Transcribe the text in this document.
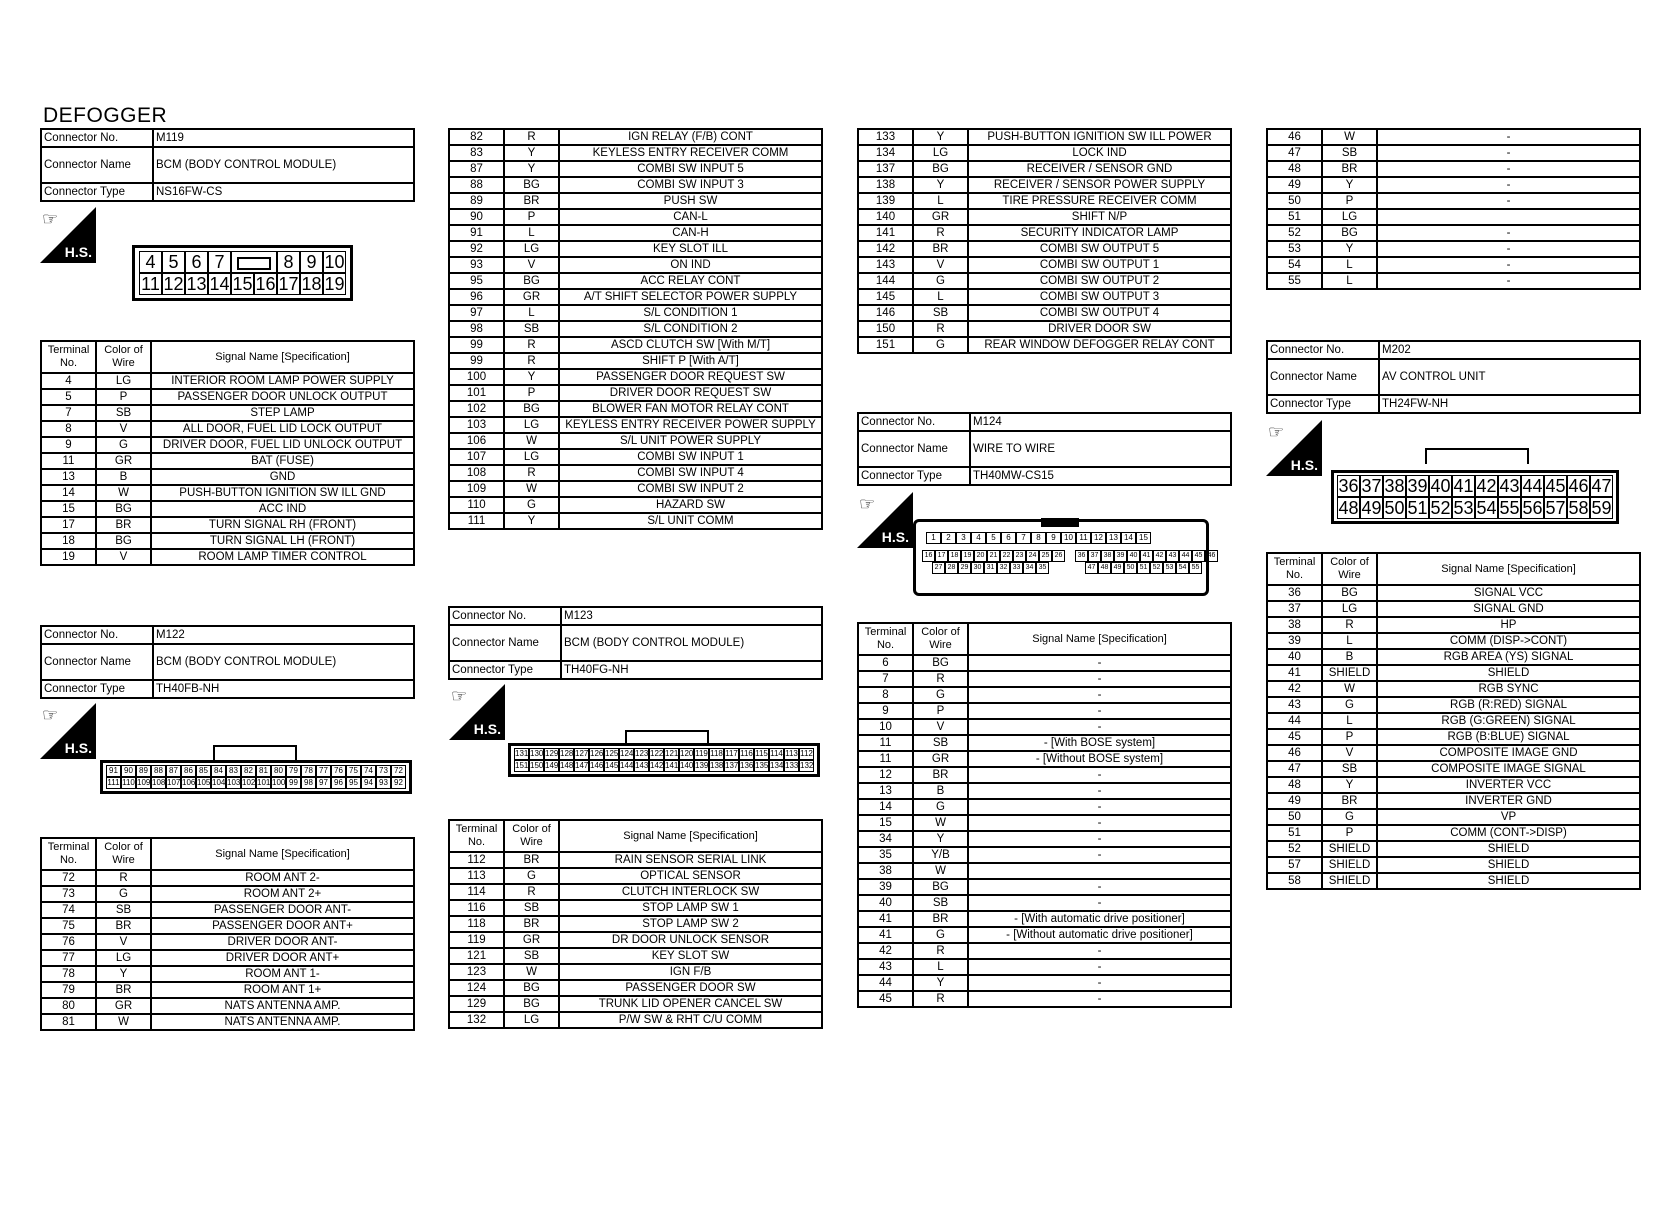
DEFOGGER
Connector No.	M119
Connector Name	BCM (BODY CONTROL MODULE)
Connector Type	NS16FW-CS
☞
H.S.	4 5 6 7	8 9 10
11 12 13 14 15 16 17 18 19
Terminal No.	Color of Wire	Signal Name [Specification]
4	LG	INTERIOR ROOM LAMP POWER SUPPLY
5	P	PASSENGER DOOR UNLOCK OUTPUT
7	SB	STEP LAMP
8	V	ALL DOOR, FUEL LID LOCK OUTPUT
9	G	DRIVER DOOR, FUEL LID UNLOCK OUTPUT
11	GR	BAT (FUSE)
13	B	GND
14	W	PUSH-BUTTON IGNITION SW ILL GND
15	BG	ACC IND
17	BR	TURN SIGNAL RH (FRONT)
18	BG	TURN SIGNAL LH (FRONT)
19	V	ROOM LAMP TIMER CONTROL
Connector No.	M122
Connector Name	BCM (BODY CONTROL MODULE)
Connector Type	TH40FB-NH
☞
H.S.
91 90 89 88 87 86 85 84 83 82 81 80 79 78 77 76 75 74 73 72
111 110 109 108 107 106 105 104 103 102 101 100 99 98 97 96 95 94 93 92
Terminal No.	Color of Wire	Signal Name [Specification]
72	R	ROOM ANT 2-
73	G	ROOM ANT 2+
74	SB	PASSENGER DOOR ANT-
75	BR	PASSENGER DOOR ANT+
76	V	DRIVER DOOR ANT-
77	LG	DRIVER DOOR ANT+
78	Y	ROOM ANT 1-
79	BR	ROOM ANT 1+
80	GR	NATS ANTENNA AMP.
81	W	NATS ANTENNA AMP.
82	R	IGN RELAY (F/B) CONT
83	Y	KEYLESS ENTRY RECEIVER COMM
87	Y	COMBI SW INPUT 5
88	BG	COMBI SW INPUT 3
89	BR	PUSH SW
90	P	CAN-L
91	L	CAN-H
92	LG	KEY SLOT ILL
93	V	ON IND
95	BG	ACC RELAY CONT
96	GR	A/T SHIFT SELECTOR POWER SUPPLY
97	L	S/L CONDITION 1
98	SB	S/L CONDITION 2
99	R	ASCD CLUTCH SW [With M/T]
99	R	SHIFT P [With A/T]
100	Y	PASSENGER DOOR REQUEST SW
101	P	DRIVER DOOR REQUEST SW
102	BG	BLOWER FAN MOTOR RELAY CONT
103	LG	KEYLESS ENTRY RECEIVER POWER SUPPLY
106	W	S/L UNIT POWER SUPPLY
107	LG	COMBI SW INPUT 1
108	R	COMBI SW INPUT 4
109	W	COMBI SW INPUT 2
110	G	HAZARD SW
111	Y	S/L UNIT COMM
Connector No.	M123
Connector Name	BCM (BODY CONTROL MODULE)
Connector Type	TH40FG-NH
☞
H.S.
131 130 129 128 127 126 125 124 123 122 121 120 119 118 117 116 115 114 113 112
151 150 149 148 147 146 145 144 143 142 141 140 139 138 137 136 135 134 133 132
Terminal No.	Color of Wire	Signal Name [Specification]
112	BR	RAIN SENSOR SERIAL LINK
113	G	OPTICAL SENSOR
114	R	CLUTCH INTERLOCK SW
116	SB	STOP LAMP SW 1
118	BR	STOP LAMP SW 2
119	GR	DR DOOR UNLOCK SENSOR
121	SB	KEY SLOT SW
123	W	IGN F/B
124	BG	PASSENGER DOOR SW
129	BG	TRUNK LID OPENER CANCEL SW
132	LG	P/W SW & RHT C/U COMM
133	Y	PUSH-BUTTON IGNITION SW ILL POWER
134	LG	LOCK IND
137	BG	RECEIVER / SENSOR GND
138	Y	RECEIVER / SENSOR POWER SUPPLY
139	L	TIRE PRESSURE RECEIVER COMM
140	GR	SHIFT N/P
141	R	SECURITY INDICATOR LAMP
142	BR	COMBI SW OUTPUT 5
143	V	COMBI SW OUTPUT 1
144	G	COMBI SW OUTPUT 2
145	L	COMBI SW OUTPUT 3
146	SB	COMBI SW OUTPUT 4
150	R	DRIVER DOOR SW
151	G	REAR WINDOW DEFOGGER RELAY CONT
Connector No.	M124
Connector Name	WIRE TO WIRE
Connector Type	TH40MW-CS15
☞
H.S.	1	2	3	4	5	6	7	8	9	10 11 12 13 14 15
16 17 18 19 20 21 22 23 24 25 26
27 28 29 30 31 32 33 34 35
36 37 38 39 40 41 42 43 44 45 46
47 48 49 50 51 52 53 54 55
Terminal No.	Color of Wire	Signal Name [Specification]
6	BG	-
7	R	-
8	G	-
9	P	-
10	V	-
11	SB	- [With BOSE system]
11	GR	- [Without BOSE system]
12	BR	-
13	B	-
14	G	-
15	W	-
34	Y	-
35	Y/B	-
38	W	
39	BG	-
40	SB	-
41	BR	- [With automatic drive positioner]
41	G	- [Without automatic drive positioner]
42	R	-
43	L	-
44	Y	-
45	R	-
46	W	-
47	SB	-
48	BR	-
49	Y	-
50	P	-
51	LG	
52	BG	-
53	Y	-
54	L	-
55	L	-
Connector No.	M202
Connector Name	AV CONTROL UNIT
Connector Type	TH24FW-NH
☞
H.S.
36 37 38 39 40 41 42 43 44 45 46 47
48 49 50 51 52 53 54 55 56 57 58 59
Terminal No.	Color of Wire	Signal Name [Specification]
36	BG	SIGNAL VCC
37	LG	SIGNAL GND
38	R	HP
39	L	COMM (DISP->CONT)
40	B	RGB AREA (YS) SIGNAL
41	SHIELD	SHIELD
42	W	RGB SYNC
43	G	RGB (R:RED) SIGNAL
44	L	RGB (G:GREEN) SIGNAL
45	P	RGB (B:BLUE) SIGNAL
46	V	COMPOSITE IMAGE GND
47	SB	COMPOSITE IMAGE SIGNAL
48	Y	INVERTER VCC
49	BR	INVERTER GND
50	G	VP
51	P	COMM (CONT->DISP)
52	SHIELD	SHIELD
57	SHIELD	SHIELD
58	SHIELD	SHIELD
